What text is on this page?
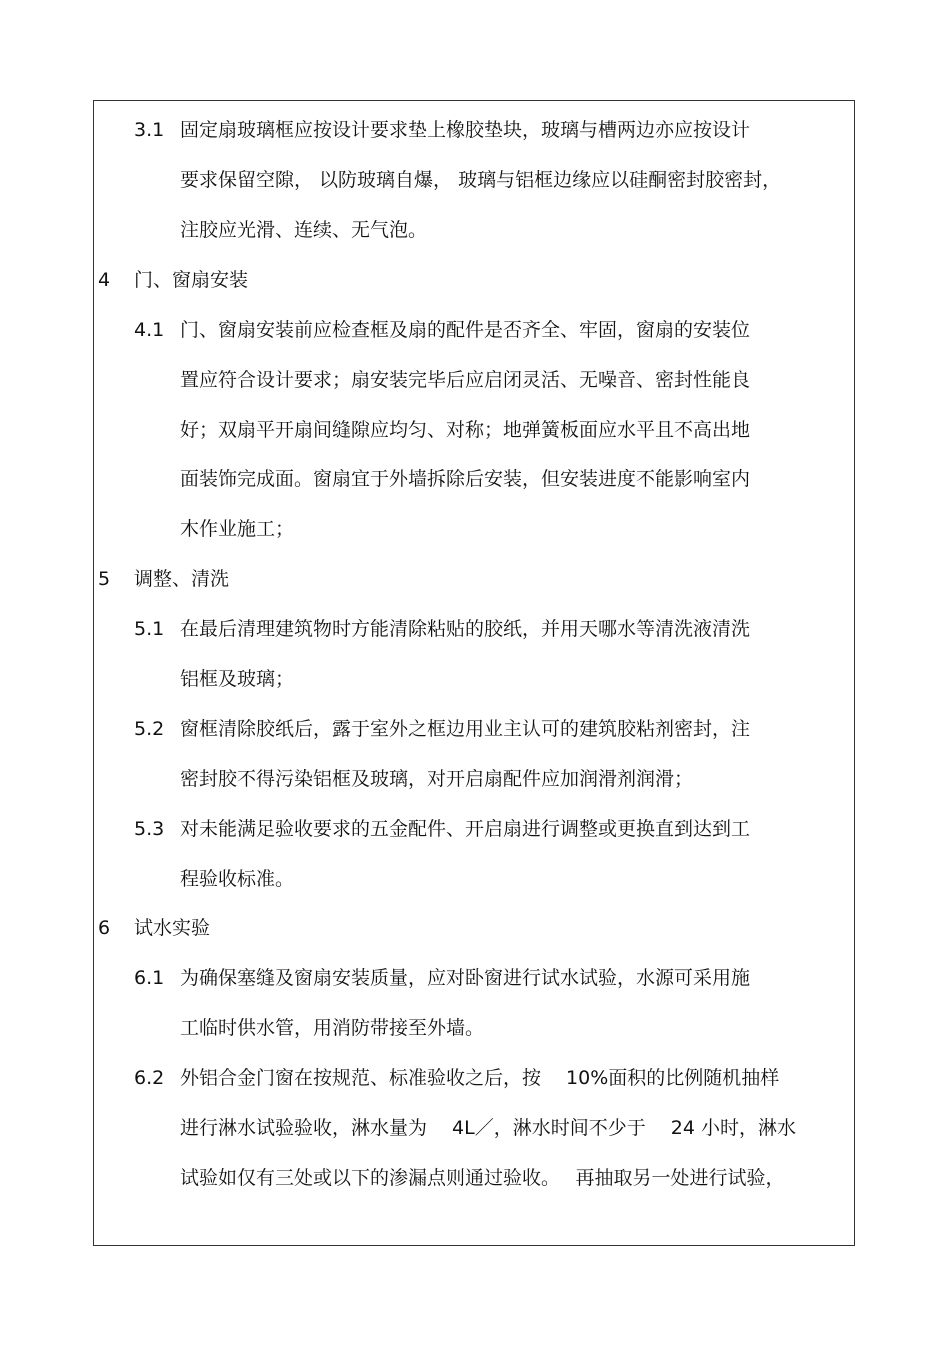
3.1 固定扇玻璃框应按设计要求垫上橡胶垫块，玻璃与槽两边亦应按设计
要求保留空隙， 以防玻璃自爆， 玻璃与铝框边缘应以硅酮密封胶密封，
注胶应光滑、连续、无气泡。
4 门、窗扇安装
4.1 门、窗扇安装前应检查框及扇的配件是否齐全、牢固，窗扇的安装位
置应符合设计要求；扇安装完毕后应启闭灵活、无噪音、密封性能良
好；双扇平开扇间缝隙应均匀、对称；地弹簧板面应水平且不高出地
面装饰完成面。窗扇宜于外墙拆除后安装，但安装进度不能影响室内
木作业施工；
5 调整、清洗
5.1 在最后清理建筑物时方能清除粘贴的胶纸，并用天哪水等清洗液清洗
铝框及玻璃；
5.2 窗框清除胶纸后，露于室外之框边用业主认可的建筑胶粘剂密封，注
密封胶不得污染铝框及玻璃，对开启扇配件应加润滑剂润滑；
5.3 对未能满足验收要求的五金配件、开启扇进行调整或更换直到达到工
程验收标准。
6 试水实验
6.1 为确保塞缝及窗扇安装质量，应对卧窗进行试水试验，水源可采用施
工临时供水管，用消防带接至外墙。
6.2 外铝合金门窗在按规范、标准验收之后，按　 10%面积的比例随机抽样
进行淋水试验验收，淋水量为　 4L／，淋水时间不少于　 24 小时，淋水
试验如仅有三处或以下的渗漏点则通过验收。　 再抽取另一处进行试验，
